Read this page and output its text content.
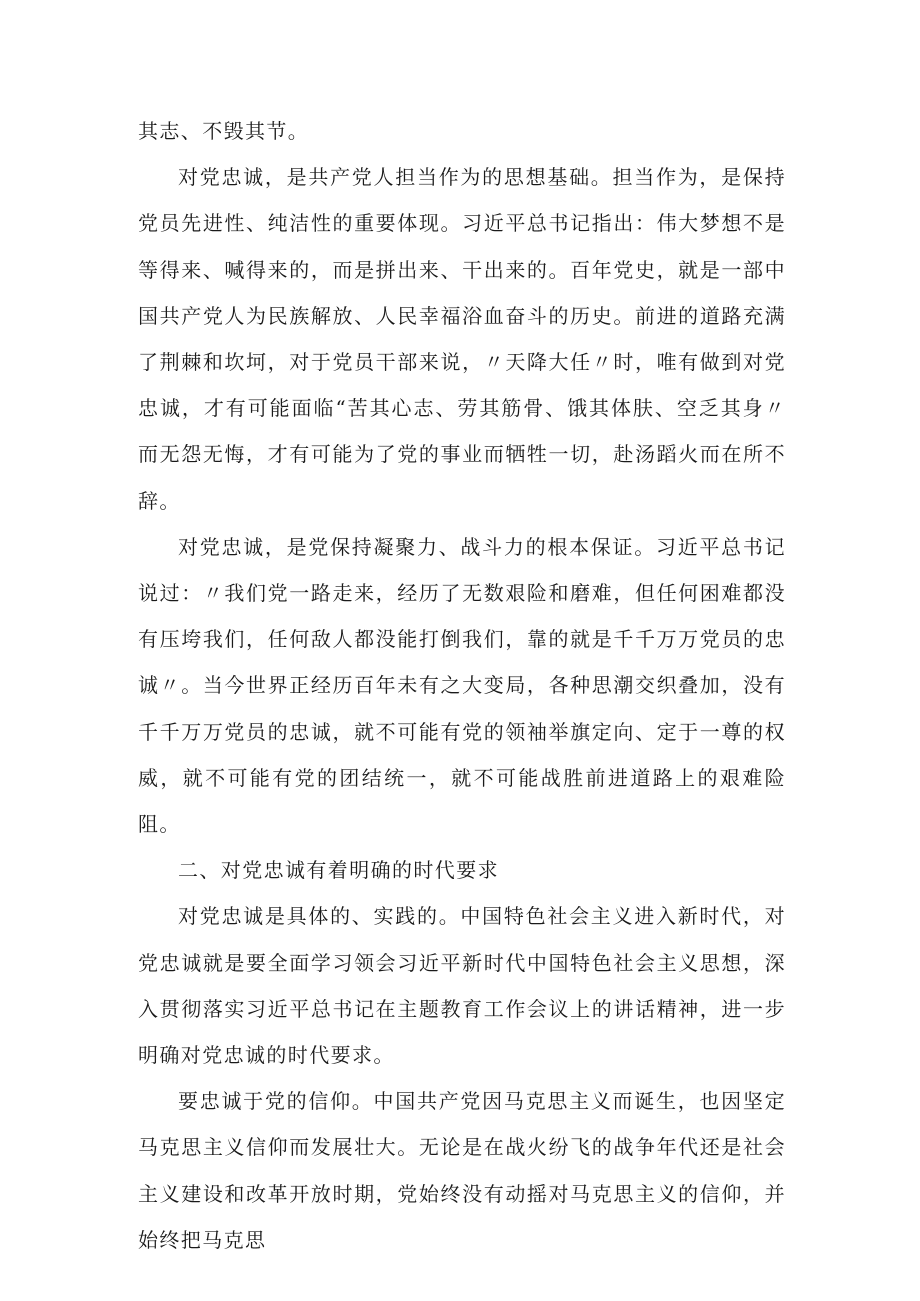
其志、不毁其节。

对党忠诚，是共产党人担当作为的思想基础。担当作为，是保持党员先进性、纯洁性的重要体现。习近平总书记指出：伟大梦想不是等得来、喊得来的，而是拼出来、干出来的。百年党史，就是一部中国共产党人为民族解放、人民幸福浴血奋斗的历史。前进的道路充满了荆棘和坎坷，对于党员干部来说，〃天降大任〃时，唯有做到对党忠诚，才有可能面临“苦其心志、劳其筋骨、饿其体肤、空乏其身〃而无怨无悔，才有可能为了党的事业而牺牲一切，赴汤蹈火而在所不辞。

对党忠诚，是党保持凝聚力、战斗力的根本保证。习近平总书记说过：〃我们党一路走来，经历了无数艰险和磨难，但任何困难都没有压垮我们，任何敌人都没能打倒我们，靠的就是千千万万党员的忠诚〃。当今世界正经历百年未有之大变局，各种思潮交织叠加，没有千千万万党员的忠诚，就不可能有党的领袖举旗定向、定于一尊的权威，就不可能有党的团结统一，就不可能战胜前进道路上的艰难险阻。

二、对党忠诚有着明确的时代要求

对党忠诚是具体的、实践的。中国特色社会主义进入新时代，对党忠诚就是要全面学习领会习近平新时代中国特色社会主义思想，深入贯彻落实习近平总书记在主题教育工作会议上的讲话精神，进一步明确对党忠诚的时代要求。

要忠诚于党的信仰。中国共产党因马克思主义而诞生，也因坚定马克思主义信仰而发展壮大。无论是在战火纷飞的战争年代还是社会主义建设和改革开放时期，党始终没有动摇对马克思主义的信仰，并始终把马克思
